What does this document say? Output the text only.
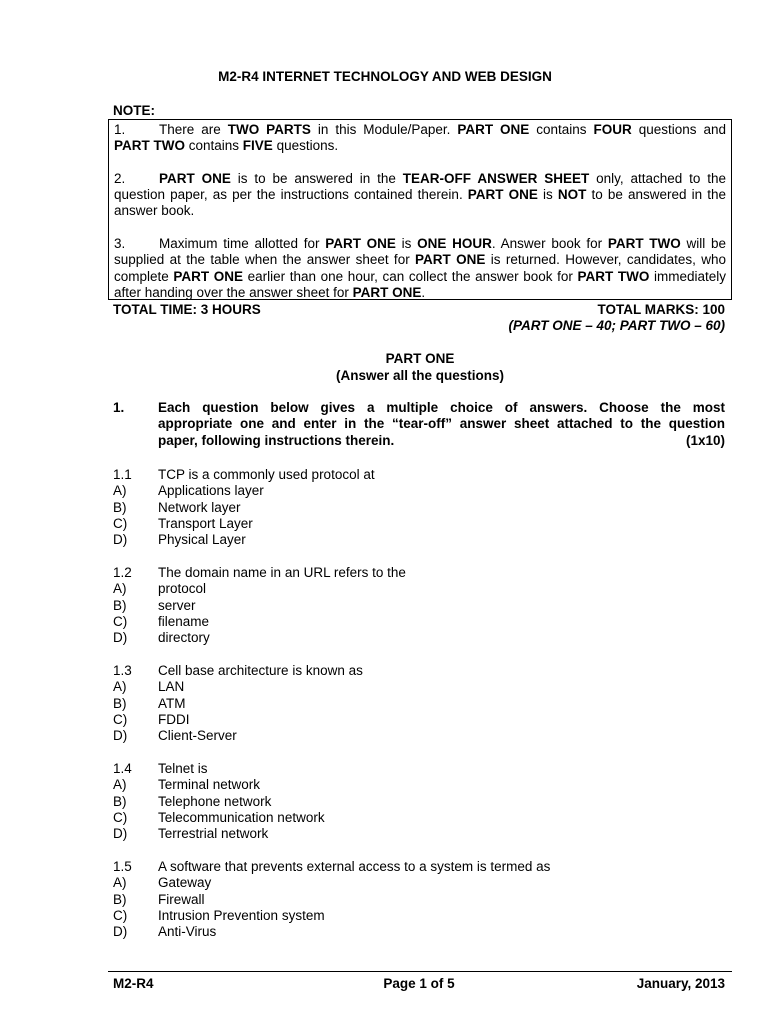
M2-R4 INTERNET TECHNOLOGY AND WEB DESIGN
NOTE:
1. There are TWO PARTS in this Module/Paper. PART ONE contains FOUR questions and PART TWO contains FIVE questions.
2. PART ONE is to be answered in the TEAR-OFF ANSWER SHEET only, attached to the question paper, as per the instructions contained therein. PART ONE is NOT to be answered in the answer book.
3. Maximum time allotted for PART ONE is ONE HOUR. Answer book for PART TWO will be supplied at the table when the answer sheet for PART ONE is returned. However, candidates, who complete PART ONE earlier than one hour, can collect the answer book for PART TWO immediately after handing over the answer sheet for PART ONE.
TOTAL TIME: 3 HOURS	TOTAL MARKS: 100
(PART ONE – 40; PART TWO – 60)
PART ONE
(Answer all the questions)
1. Each question below gives a multiple choice of answers. Choose the most
appropriate one and enter in the “tear-off” answer sheet attached to the question
paper, following instructions therein.	(1x10)
1.1 TCP is a commonly used protocol at
A) Applications layer
B) Network layer
C) Transport Layer
D) Physical Layer
1.2 The domain name in an URL refers to the
A) protocol
B) server
C) filename
D) directory
1.3 Cell base architecture is known as
A) LAN
B) ATM
C) FDDI
D) Client-Server
1.4 Telnet is
A) Terminal network
B) Telephone network
C) Telecommunication network
D) Terrestrial network
1.5 A software that prevents external access to a system is termed as
A) Gateway
B) Firewall
C) Intrusion Prevention system
D) Anti-Virus
M2-R4	Page 1 of 5	January, 2013
